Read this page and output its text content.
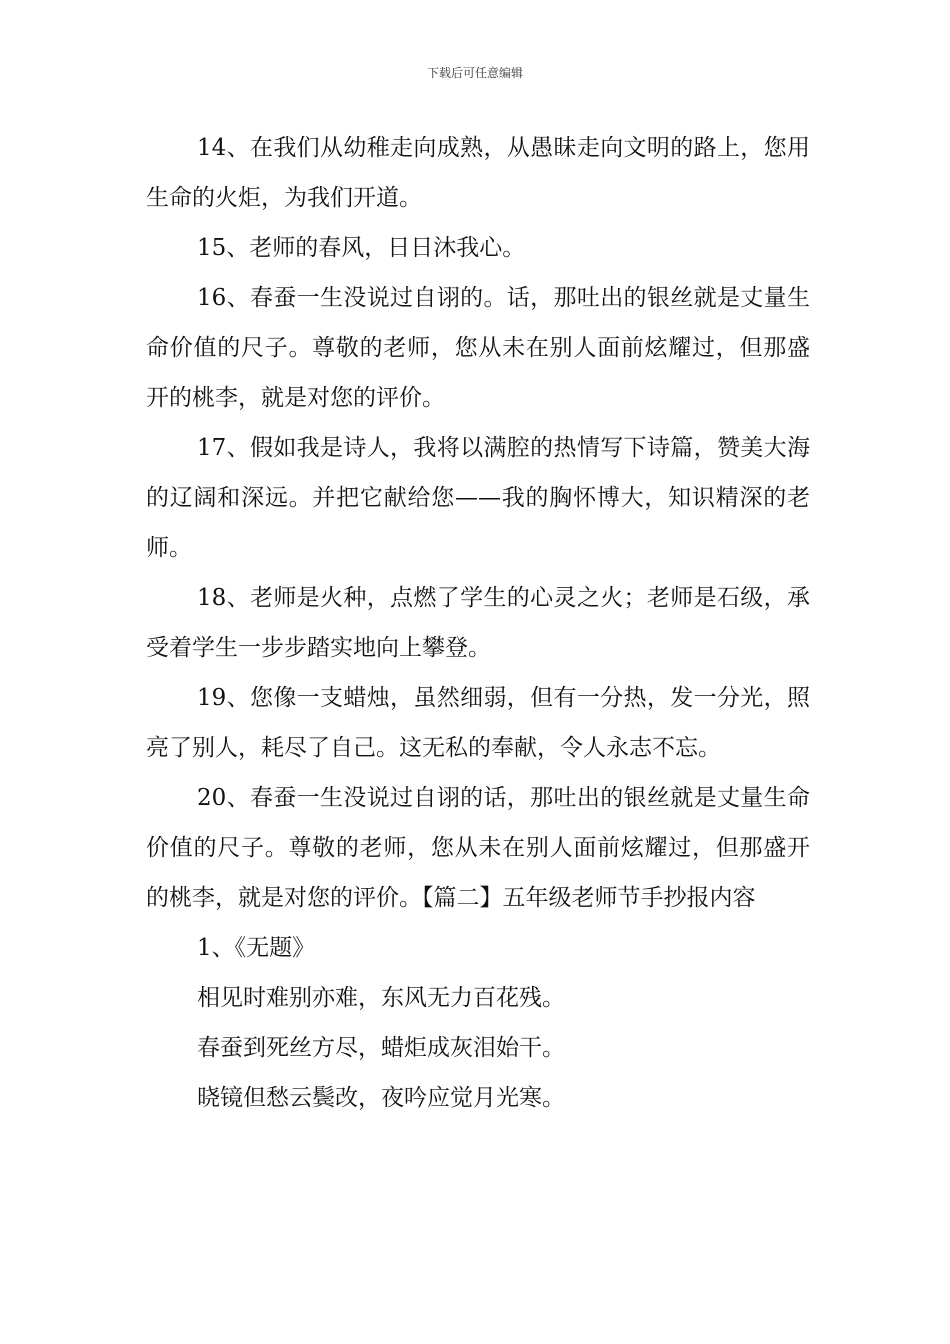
下载后可任意编辑

14、在我们从幼稚走向成熟，从愚昧走向文明的路上，您用生命的火炬，为我们开道。

15、老师的春风，日日沐我心。

16、春蚕一生没说过自诩的。话，那吐出的银丝就是丈量生命价值的尺子。尊敬的老师，您从未在别人面前炫耀过，但那盛开的桃李，就是对您的评价。

17、假如我是诗人，我将以满腔的热情写下诗篇，赞美大海的辽阔和深远。并把它献给您——我的胸怀博大，知识精深的老师。

18、老师是火种，点燃了学生的心灵之火；老师是石级，承受着学生一步步踏实地向上攀登。

19、您像一支蜡烛，虽然细弱，但有一分热，发一分光，照亮了别人，耗尽了自己。这无私的奉献，令人永志不忘。

20、春蚕一生没说过自诩的话，那吐出的银丝就是丈量生命价值的尺子。尊敬的老师，您从未在别人面前炫耀过，但那盛开的桃李，就是对您的评价。【篇二】五年级老师节手抄报内容

1、《无题》

相见时难别亦难，东风无力百花残。

春蚕到死丝方尽，蜡炬成灰泪始干。

晓镜但愁云鬓改，夜吟应觉月光寒。
